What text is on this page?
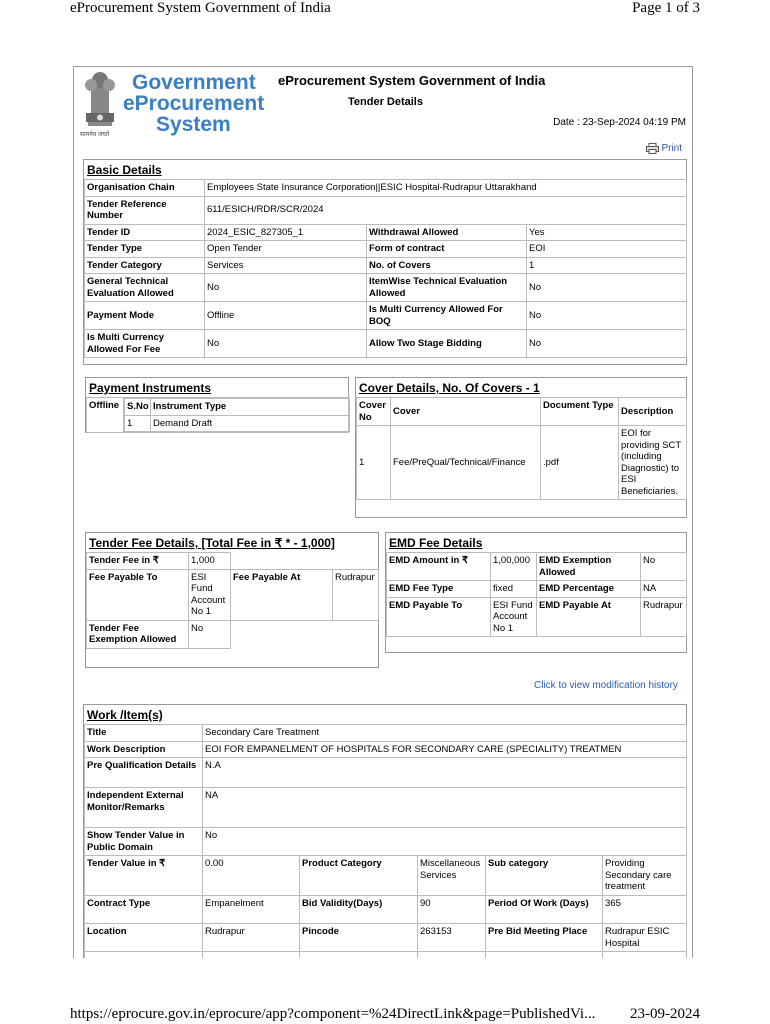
eProcurement System Government of India	Page 1 of 3
https://eprocure.gov.in/eprocure/app?component=%24DirectLink&page=PublishedVi... 23-09-2024
सत्यमेव जयते
Government
eProcurement
System
eProcurement System Government of India
Tender Details
Date : 23-Sep-2024 04:19 PM
Print
Basic Details
Organisation Chain	Employees State Insurance Corporation||ESIC Hospital-Rudrapur Uttarakhand		
Tender Reference Number	611/ESICH/RDR/SCR/2024		
Tender ID	2024_ESIC_827305_1	Withdrawal Allowed	Yes
Tender Type	Open Tender	Form of contract	EOI
Tender Category	Services	No. of Covers	1
General Technical Evaluation Allowed	No	ItemWise Technical Evaluation Allowed	No
Payment Mode	Offline	Is Multi Currency Allowed For BOQ	No
Is Multi Currency Allowed For Fee	No	Allow Two Stage Bidding	No
Payment Instruments
Offline	S.No	Instrument Type
1	Demand Draft
Cover Details, No. Of Covers - 1
Cover No	Cover	Document Type	Description
1	Fee/PreQual/Technical/Finance	.pdf	EOI for providing SCT (including Diagnostic) to ESI Beneficiaries.
Tender Fee Details, [Total Fee in ₹ * - 1,000]
Tender Fee in ₹	1,000		
Fee Payable To	ESI Fund Account No 1	Fee Payable At	Rudrapur
Tender Fee Exemption Allowed	No		
EMD Fee Details
EMD Amount in ₹	1,00,000	EMD Exemption Allowed	No
EMD Fee Type	fixed	EMD Percentage	NA
EMD Payable To	ESI Fund Account No 1	EMD Payable At	Rudrapur
Click to view modification history
Work /Item(s)
Title	Secondary Care Treatment				
Work Description	EOI FOR EMPANELMENT OF HOSPITALS FOR SECONDARY CARE (SPECIALITY) TREATMEN				
Pre Qualification Details	N.A				
Independent External Monitor/Remarks	NA				
Show Tender Value in Public Domain	No				
Tender Value in ₹	0.00	Product Category	Miscellaneous Services	Sub category	Providing Secondary care treatment
Contract Type	Empanelment	Bid Validity(Days)	90	Period Of Work (Days)	365
Location	Rudrapur	Pincode	263153	Pre Bid Meeting Place	Rudrapur ESIC Hospital
